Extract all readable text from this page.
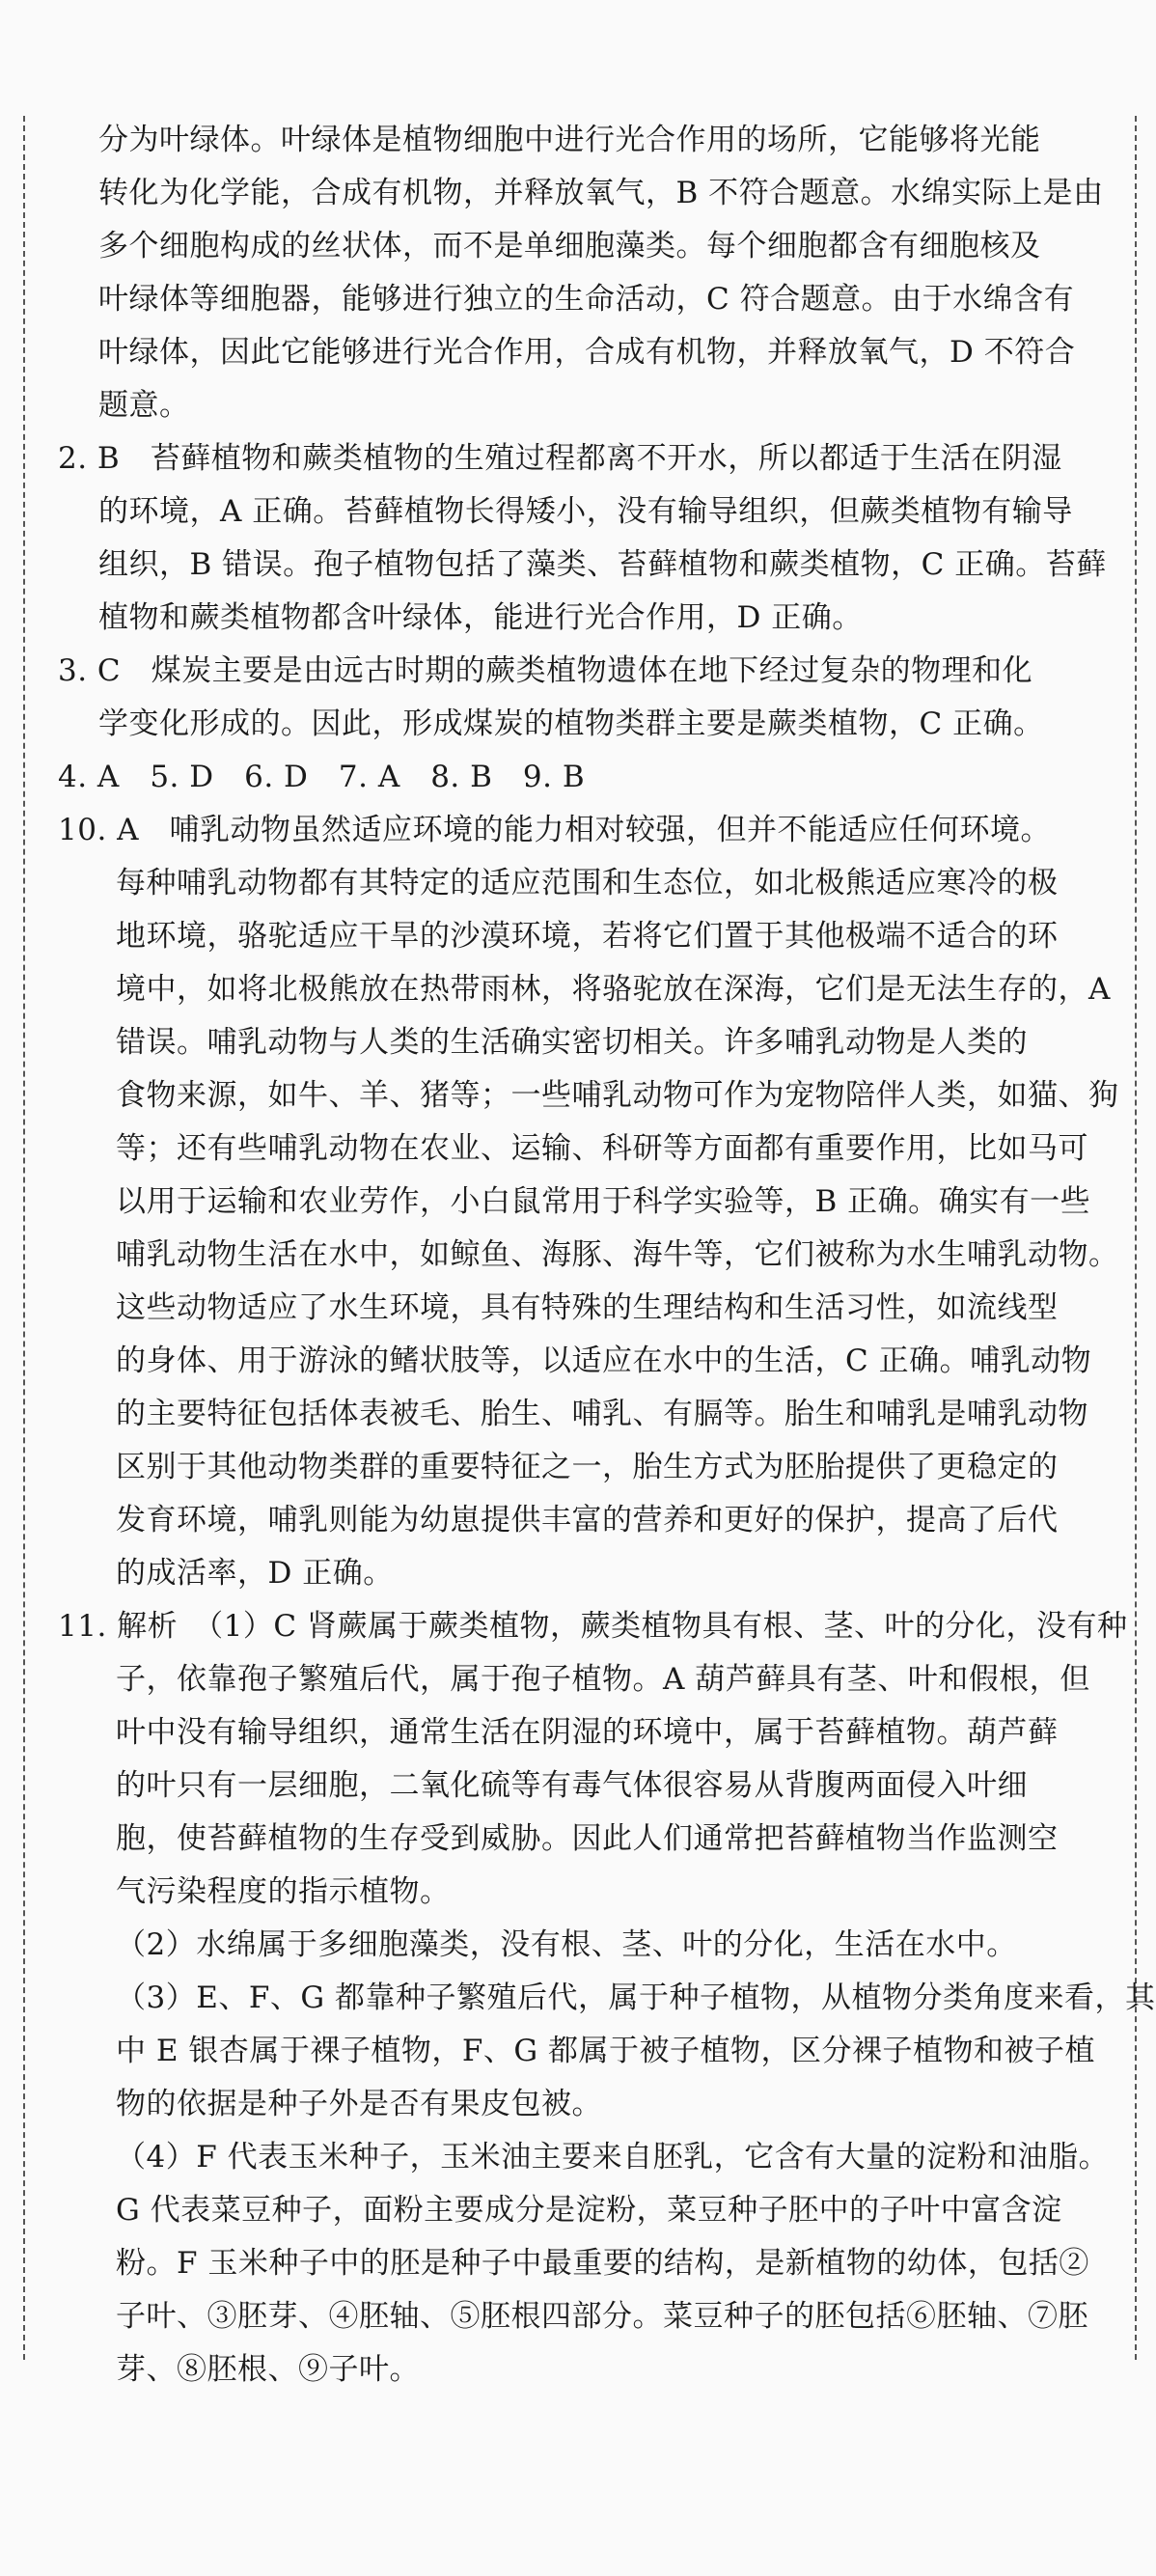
分为叶绿体。叶绿体是植物细胞中进行光合作用的场所，它能够将光能
转化为化学能，合成有机物，并释放氧气，B 不符合题意。水绵实际上是由
多个细胞构成的丝状体，而不是单细胞藻类。每个细胞都含有细胞核及
叶绿体等细胞器，能够进行独立的生命活动，C 符合题意。由于水绵含有
叶绿体，因此它能够进行光合作用，合成有机物，并释放氧气，D 不符合
题意。
2. B　苔藓植物和蕨类植物的生殖过程都离不开水，所以都适于生活在阴湿
的环境，A 正确。苔藓植物长得矮小，没有输导组织，但蕨类植物有输导
组织，B 错误。孢子植物包括了藻类、苔藓植物和蕨类植物，C 正确。苔藓
植物和蕨类植物都含叶绿体，能进行光合作用，D 正确。
3. C　煤炭主要是由远古时期的蕨类植物遗体在地下经过复杂的物理和化
学变化形成的。因此，形成煤炭的植物类群主要是蕨类植物，C 正确。
4. A　5. D　6. D　7. A　8. B　9. B
10. A　哺乳动物虽然适应环境的能力相对较强，但并不能适应任何环境。
每种哺乳动物都有其特定的适应范围和生态位，如北极熊适应寒冷的极
地环境，骆驼适应干旱的沙漠环境，若将它们置于其他极端不适合的环
境中，如将北极熊放在热带雨林，将骆驼放在深海，它们是无法生存的，A
错误。哺乳动物与人类的生活确实密切相关。许多哺乳动物是人类的
食物来源，如牛、羊、猪等；一些哺乳动物可作为宠物陪伴人类，如猫、狗
等；还有些哺乳动物在农业、运输、科研等方面都有重要作用，比如马可
以用于运输和农业劳作，小白鼠常用于科学实验等，B 正确。确实有一些
哺乳动物生活在水中，如鲸鱼、海豚、海牛等，它们被称为水生哺乳动物。
这些动物适应了水生环境，具有特殊的生理结构和生活习性，如流线型
的身体、用于游泳的鳍状肢等，以适应在水中的生活，C 正确。哺乳动物
的主要特征包括体表被毛、胎生、哺乳、有膈等。胎生和哺乳是哺乳动物
区别于其他动物类群的重要特征之一，胎生方式为胚胎提供了更稳定的
发育环境，哺乳则能为幼崽提供丰富的营养和更好的保护，提高了后代
的成活率，D 正确。
11. 解析　（1）C 肾蕨属于蕨类植物，蕨类植物具有根、茎、叶的分化，没有种
子，依靠孢子繁殖后代，属于孢子植物。A 葫芦藓具有茎、叶和假根，但
叶中没有输导组织，通常生活在阴湿的环境中，属于苔藓植物。葫芦藓
的叶只有一层细胞，二氧化硫等有毒气体很容易从背腹两面侵入叶细
胞，使苔藓植物的生存受到威胁。因此人们通常把苔藓植物当作监测空
气污染程度的指示植物。
（2）水绵属于多细胞藻类，没有根、茎、叶的分化，生活在水中。
（3）E、F、G 都靠种子繁殖后代，属于种子植物，从植物分类角度来看，其
中 E 银杏属于裸子植物，F、G 都属于被子植物，区分裸子植物和被子植
物的依据是种子外是否有果皮包被。
（4）F 代表玉米种子，玉米油主要来自胚乳，它含有大量的淀粉和油脂。
G 代表菜豆种子，面粉主要成分是淀粉，菜豆种子胚中的子叶中富含淀
粉。F 玉米种子中的胚是种子中最重要的结构，是新植物的幼体，包括②
子叶、③胚芽、④胚轴、⑤胚根四部分。菜豆种子的胚包括⑥胚轴、⑦胚
芽、⑧胚根、⑨子叶。
